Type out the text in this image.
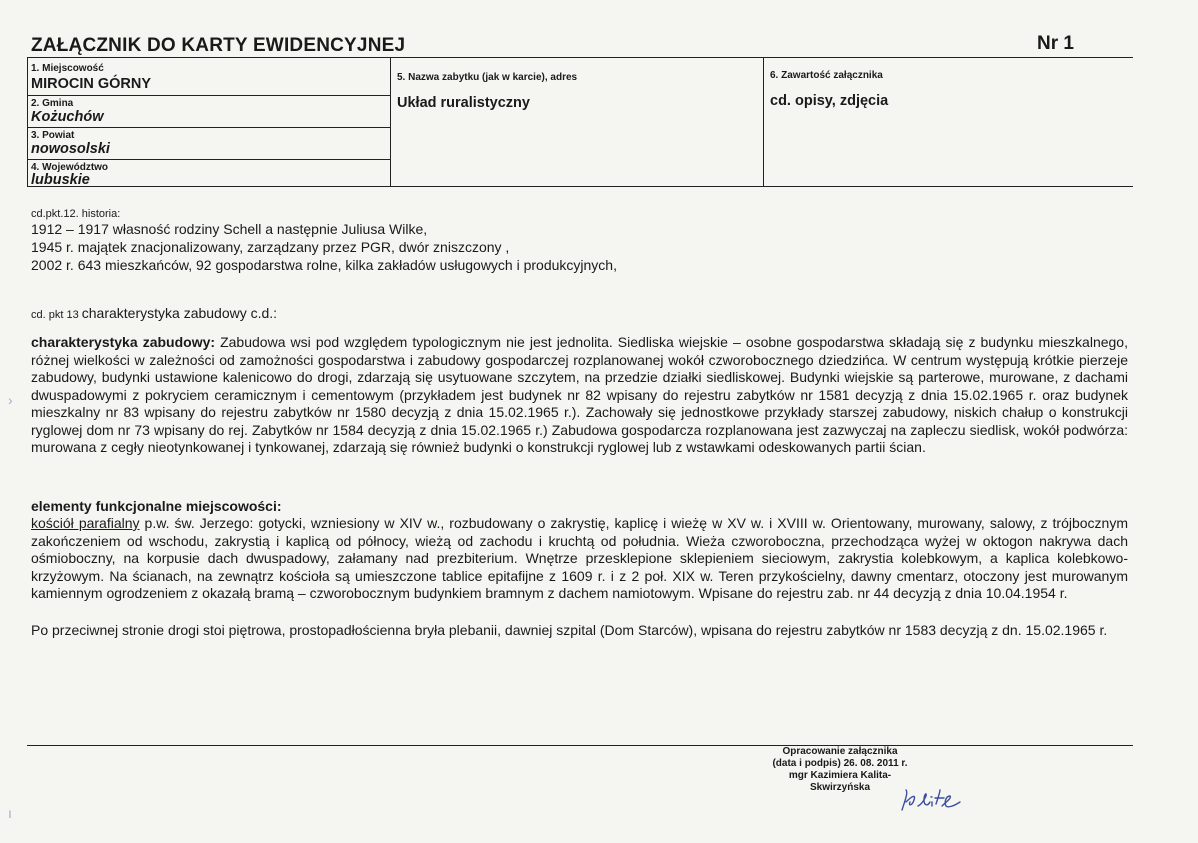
ZAŁĄCZNIK DO KARTY EWIDENCYJNEJ	Nr 1
1. Miejscowość
MIROCIN GÓRNY
2. Gmina
Kożuchów
3. Powiat
nowosolski
4. Województwo
lubuskie
5. Nazwa zabytku (jak w karcie), adres
Układ ruralistyczny
6. Zawartość załącznika
cd. opisy, zdjęcia
cd.pkt.12. historia:
1912 – 1917 własność rodziny Schell a następnie Juliusa Wilke,
1945 r. majątek znacjonalizowany, zarządzany przez PGR, dwór zniszczony ,
2002 r. 643 mieszkańców, 92 gospodarstwa rolne, kilka zakładów usługowych i produkcyjnych,
cd. pkt 13 charakterystyka zabudowy c.d.:
charakterystyka zabudowy: Zabudowa wsi pod względem typologicznym nie jest jednolita. Siedliska wiejskie – osobne gospodarstwa składają się z budynku mieszkalnego, różnej wielkości w zależności od zamożności gospodarstwa i zabudowy gospodarczej rozplanowanej wokół czworobocznego dziedzińca. W centrum występują krótkie pierzeje zabudowy, budynki ustawione kalenicowo do drogi, zdarzają się usytuowane szczytem, na przedzie działki siedliskowej. Budynki wiejskie są parterowe, murowane, z dachami dwuspadowymi z pokryciem ceramicznym i cementowym (przykładem jest budynek nr 82 wpisany do rejestru zabytków nr 1581 decyzją z dnia 15.02.1965 r. oraz budynek mieszkalny nr 83 wpisany do rejestru zabytków nr 1580 decyzją z dnia 15.02.1965 r.). Zachowały się jednostkowe przykłady starszej zabudowy, niskich chałup o konstrukcji ryglowej dom nr 73 wpisany do rej. Zabytków nr 1584 decyzją z dnia 15.02.1965 r.) Zabudowa gospodarcza rozplanowana jest zazwyczaj na zapleczu siedlisk, wokół podwórza: murowana z cegły nieotynkowanej i tynkowanej, zdarzają się również budynki o konstrukcji ryglowej lub z wstawkami odeskowanych partii ścian.
elementy funkcjonalne miejscowości:
kościół parafialny p.w. św. Jerzego: gotycki, wzniesiony w XIV w., rozbudowany o zakrystię, kaplicę i wieżę w XV w. i XVIII w. Orientowany, murowany, salowy, z trójbocznym zakończeniem od wschodu, zakrystią i kaplicą od północy, wieżą od zachodu i kruchtą od południa. Wieża czworoboczna, przechodząca wyżej w oktogon nakrywa dach ośmioboczny, na korpusie dach dwuspadowy, załamany nad prezbiterium. Wnętrze przesklepione sklepieniem sieciowym, zakrystia kolebkowym, a kaplica kolebkowo-krzyżowym. Na ścianach, na zewnątrz kościoła są umieszczone tablice epitafijne z 1609 r. i z 2 poł. XIX w. Teren przykościelny, dawny cmentarz, otoczony jest murowanym kamiennym ogrodzeniem z okazałą bramą – czworobocznym budynkiem bramnym z dachem namiotowym. Wpisane do rejestru zab. nr 44 decyzją z dnia 10.04.1954 r.
Po przeciwnej stronie drogi stoi piętrowa, prostopadłościenna bryła plebanii, dawniej szpital (Dom Starców), wpisana do rejestru zabytków nr 1583 decyzją z dn. 15.02.1965 r.
Opracowanie załącznika
(data i podpis) 26. 08. 2011 r.
mgr Kazimiera Kalita-
Skwirzyńska
›
ı
